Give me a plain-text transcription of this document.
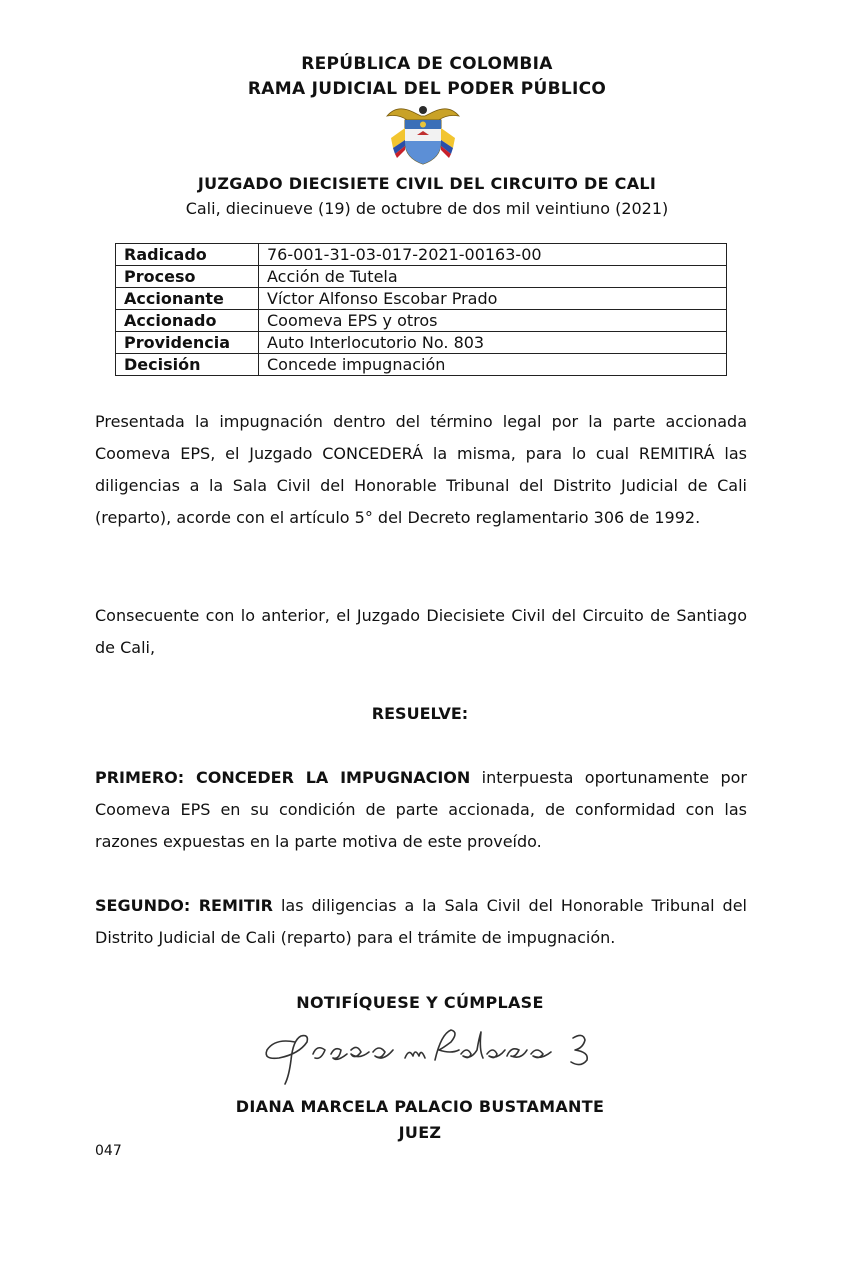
REPÚBLICA DE COLOMBIA
RAMA JUDICIAL DEL PODER PÚBLICO
JUZGADO DIECISIETE CIVIL DEL CIRCUITO DE CALI
Cali, diecinueve (19) de octubre de dos mil veintiuno (2021)
Radicado	76-001-31-03-017-2021-00163-00
Proceso	Acción de Tutela
Accionante	Víctor Alfonso Escobar Prado
Accionado	Coomeva EPS y otros
Providencia	Auto Interlocutorio No. 803
Decisión	Concede impugnación

Presentada la impugnación dentro del término legal por la parte accionada Coomeva EPS, el Juzgado CONCEDERÁ la misma, para lo cual REMITIRÁ las diligencias a la Sala Civil del Honorable Tribunal del Distrito Judicial de Cali (reparto), acorde con el artículo 5° del Decreto reglamentario 306 de 1992.

Consecuente con lo anterior, el Juzgado Diecisiete Civil del Circuito de Santiago de Cali,

RESUELVE:

PRIMERO: CONCEDER LA IMPUGNACION interpuesta oportunamente por Coomeva EPS en su condición de parte accionada, de conformidad con las razones expuestas en la parte motiva de este proveído.

SEGUNDO: REMITIR las diligencias a la Sala Civil del Honorable Tribunal del Distrito Judicial de Cali (reparto) para el trámite de impugnación.

NOTIFÍQUESE Y CÚMPLASE
DIANA MARCELA PALACIO BUSTAMANTE
JUEZ
047
